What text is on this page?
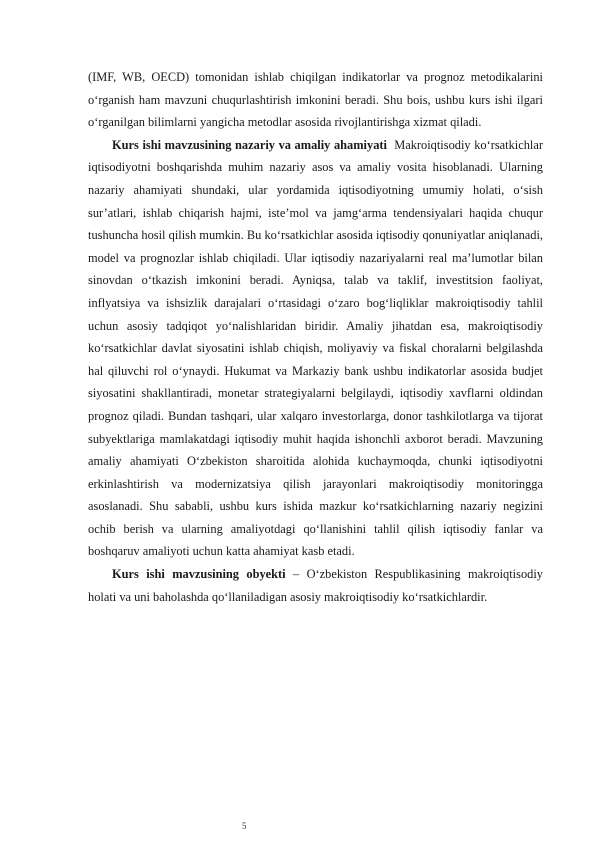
(IMF, WB, OECD) tomonidan ishlab chiqilgan indikatorlar va prognoz metodikalarini o‘rganish ham mavzuni chuqurlashtirish imkonini beradi. Shu bois, ushbu kurs ishi ilgari o‘rganilgan bilimlarni yangicha metodlar asosida rivojlantirishga xizmat qiladi.

Kurs ishi mavzusining nazariy va amaliy ahamiyati Makroiqtisodiy ko‘rsatkichlar iqtisodiyotni boshqarishda muhim nazariy asos va amaliy vosita hisoblanadi. Ularning nazariy ahamiyati shundaki, ular yordamida iqtisodiyotning umumiy holati, o‘sish sur’atlari, ishlab chiqarish hajmi, iste’mol va jamg‘arma tendensiyalari haqida chuqur tushuncha hosil qilish mumkin. Bu ko‘rsatkichlar asosida iqtisodiy qonuniyatlar aniqlanadi, model va prognozlar ishlab chiqiladi. Ular iqtisodiy nazariyalarni real ma’lumotlar bilan sinovdan o‘tkazish imkonini beradi. Ayniqsa, talab va taklif, investitsion faoliyat, inflyatsiya va ishsizlik darajalari o‘rtasidagi o‘zaro bog‘liqliklar makroiqtisodiy tahlil uchun asosiy tadqiqot yo‘nalishlaridan biridir. Amaliy jihatdan esa, makroiqtisodiy ko‘rsatkichlar davlat siyosatini ishlab chiqish, moliyaviy va fiskal choralarni belgilashda hal qiluvchi rol o‘ynaydi. Hukumat va Markaziy bank ushbu indikatorlar asosida budjet siyosatini shakllantiradi, monetar strategiyalarni belgilaydi, iqtisodiy xavflarni oldindan prognoz qiladi. Bundan tashqari, ular xalqaro investorlarga, donor tashkilotlarga va tijorat subyektlariga mamlakatdagi iqtisodiy muhit haqida ishonchli axborot beradi. Mavzuning amaliy ahamiyati O‘zbekiston sharoitida alohida kuchaymoqda, chunki iqtisodiyotni erkinlashtirish va modernizatsiya qilish jarayonlari makroiqtisodiy monitoringga asoslanadi. Shu sababli, ushbu kurs ishida mazkur ko‘rsatkichlarning nazariy negizini ochib berish va ularning amaliyotdagi qo‘llanishini tahlil qilish iqtisodiy fanlar va boshqaruv amaliyoti uchun katta ahamiyat kasb etadi.

Kurs ishi mavzusining obyekti – O‘zbekiston Respublikasining makroiqtisodiy holati va uni baholashda qo‘llaniladigan asosiy makroiqtisodiy ko‘rsatkichlardir.

5
